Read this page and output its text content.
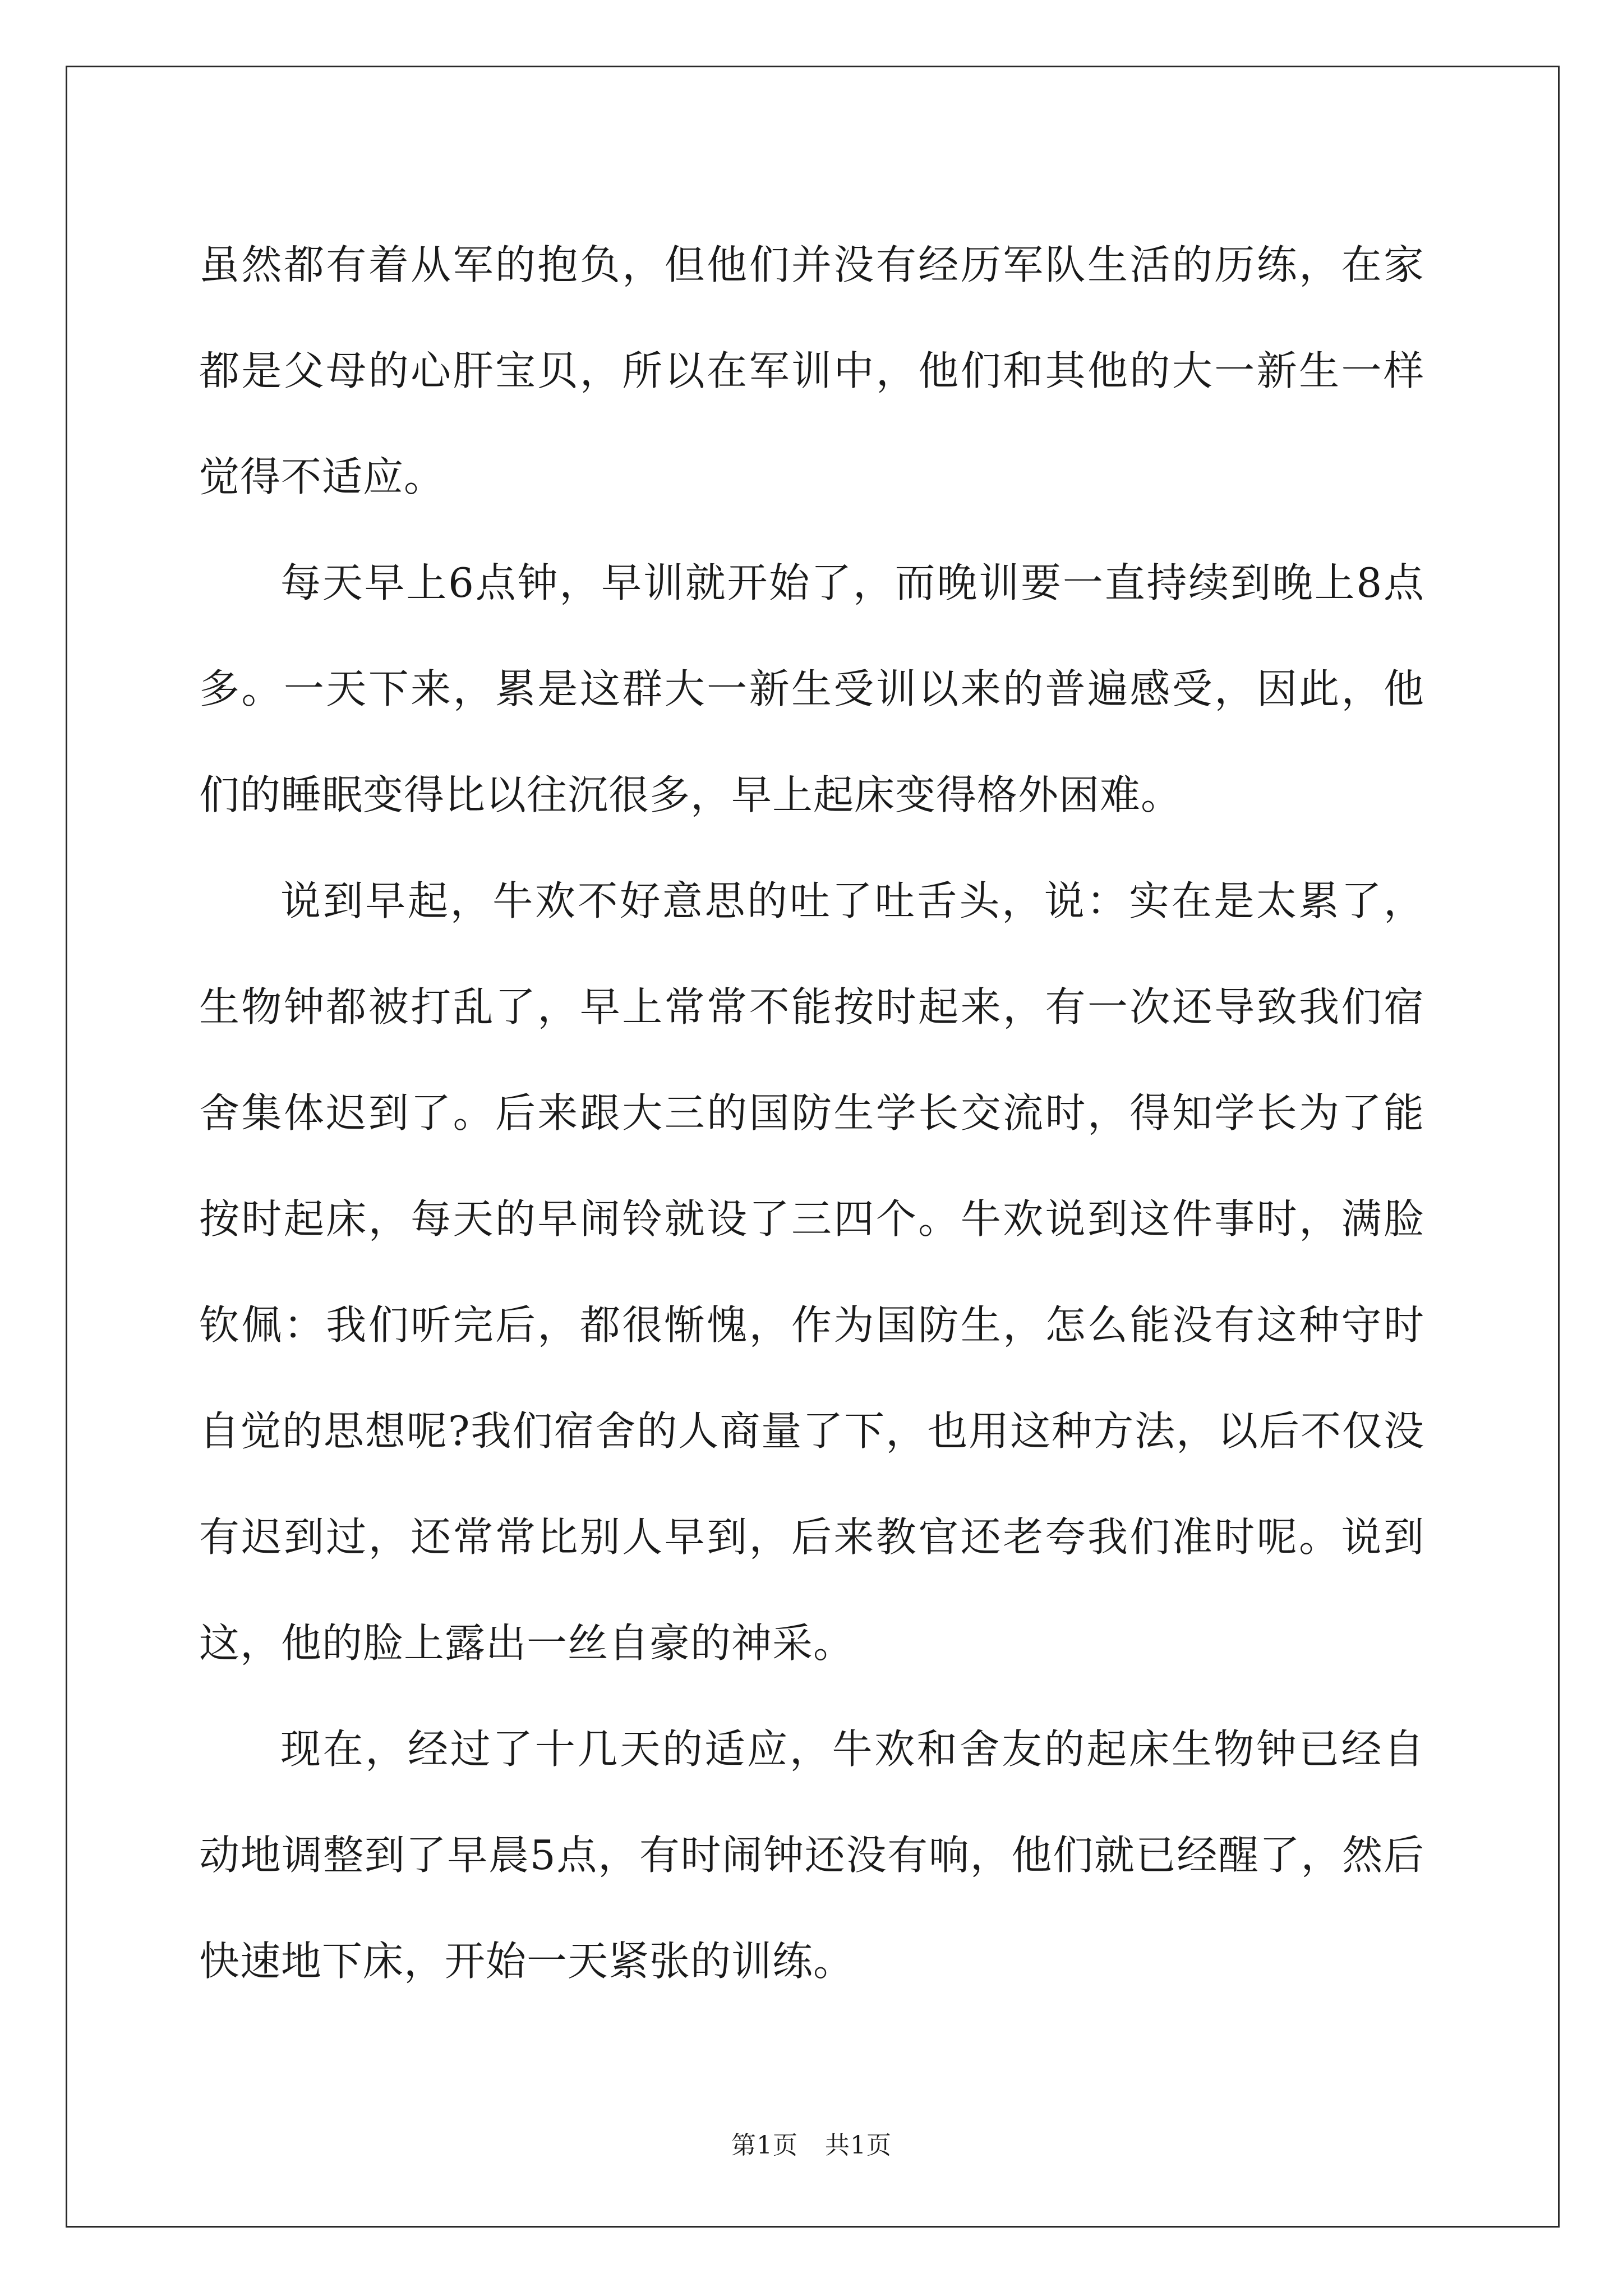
虽然都有着从军的抱负，但他们并没有经历军队生活的历练，在家都是父母的心肝宝贝，所以在军训中，他们和其他的大一新生一样觉得不适应。

每天早上6点钟，早训就开始了，而晚训要一直持续到晚上8点多。一天下来，累是这群大一新生受训以来的普遍感受，因此，他们的睡眠变得比以往沉很多，早上起床变得格外困难。

说到早起，牛欢不好意思的吐了吐舌头，说：实在是太累了，生物钟都被打乱了，早上常常不能按时起来，有一次还导致我们宿舍集体迟到了。后来跟大三的国防生学长交流时，得知学长为了能按时起床，每天的早闹铃就设了三四个。牛欢说到这件事时，满脸钦佩：我们听完后，都很惭愧，作为国防生，怎么能没有这种守时自觉的思想呢?我们宿舍的人商量了下，也用这种方法，以后不仅没有迟到过，还常常比别人早到，后来教官还老夸我们准时呢。说到这，他的脸上露出一丝自豪的神采。

现在，经过了十几天的适应，牛欢和舍友的起床生物钟已经自动地调整到了早晨5点，有时闹钟还没有响，他们就已经醒了，然后快速地下床，开始一天紧张的训练。

第1页 共1页
